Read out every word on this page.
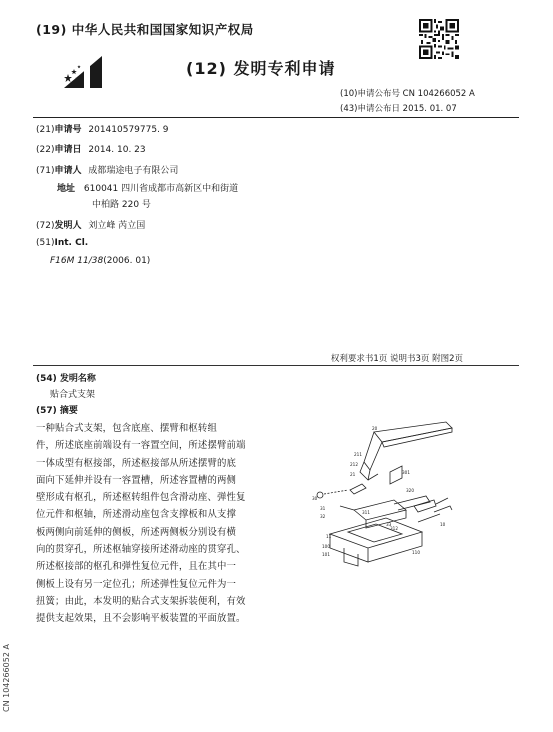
(19) 中华人民共和国国家知识产权局
(12) 发明专利申请
(10)申请公布号 CN 104266052 A
(43)申请公布日 2015. 01. 07
(21)申请号 201410579775. 9
(22)申请日 2014. 10. 23
(71)申请人 成都瑞途电子有限公司
地址 610041 四川省成都市高新区中和街道
中柏路 220 号
(72)发明人 刘立峰 芮立国
(51)Int. Cl.
F16M 11/38(2006. 01)
权利要求书1页 说明书3页 附图2页
(54) 发明名称
贴合式支架
(57) 摘要
一种贴合式支架，包含底座、摆臂和枢转组
件，所述底座前端设有一容置空间，所述摆臂前端
一体成型有枢接部，所述枢接部从所述摆臂的底
面向下延伸并设有一容置槽，所述容置槽的两侧
壁形成有枢孔，所述枢转组件包含滑动座、弹性复
位元件和枢轴，所述滑动座包含支撑板和从支撑
板两侧向前延伸的侧板，所述两侧板分别设有横
向的贯穿孔，所述枢轴穿接所述滑动座的贯穿孔、
所述枢接部的枢孔和弹性复位元件，且在其中一
侧板上设有另一定位孔；所述弹性复位元件为一
扭簧；由此，本发明的贴合式支架拆装便利，有效
提供支起效果，且不会影响平板装置的平面放置。
20
211
212
21
30
31
32
320
301
33
311
312
10
100
101
11
110
CN 104266052 A
